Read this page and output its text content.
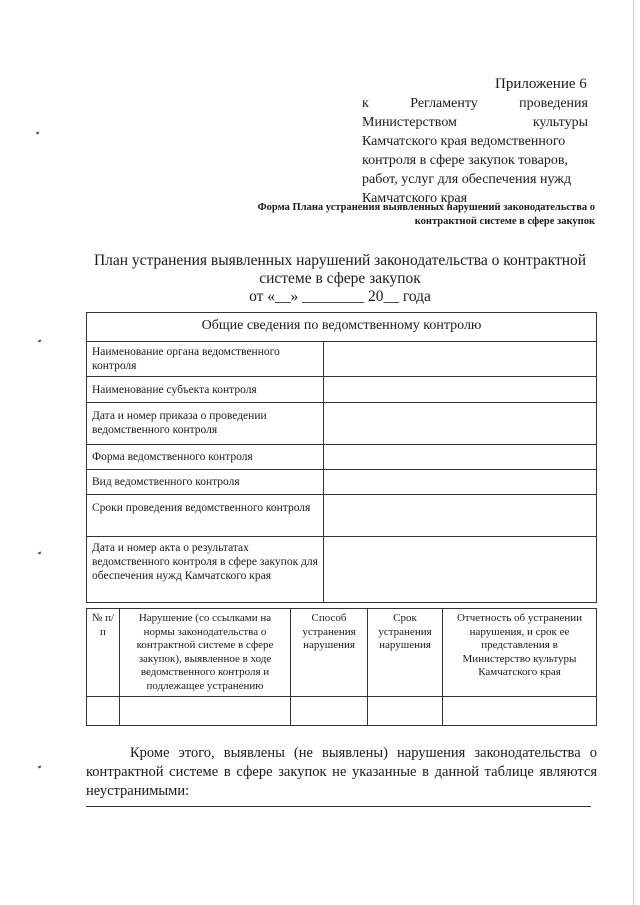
Приложение 6
к	Регламенту	проведения
Министерством	культуры
Камчатского края ведомственного
контроля в сфере закупок товаров,
работ, услуг для обеспечения нужд
Камчатского края
Форма Плана устранения выявленных нарушений законодательства о
контрактной системе в сфере закупок
План устранения выявленных нарушений законодательства о контрактной
системе в сфере закупок
от «__» ________ 20__ года
Общие сведения по ведомственному контролю	
Наименование органа ведомственного контроля	
Наименование субъекта контроля	
Дата и номер приказа о проведении ведомственного контроля	
Форма ведомственного контроля	
Вид ведомственного контроля	
Сроки проведения ведомственного контроля	
Дата и номер акта о результатах ведомственного контроля в сфере закупок для обеспечения нужд Камчатского края	
№ п/п	Нарушение (со ссылками на нормы законодательства о контрактной системе в сфере закупок), выявленное в ходе ведомственного контроля и подлежащее устранению	Способ устранения нарушения	Срок устранения нарушения	Отчетность об устранении нарушения, и срок ее представления в Министерство культуры Камчатского края

Кроме этого, выявлены (не выявлены) нарушения законодательства о контрактной системе в сфере закупок не указанные в данной таблице являются неустранимыми:
